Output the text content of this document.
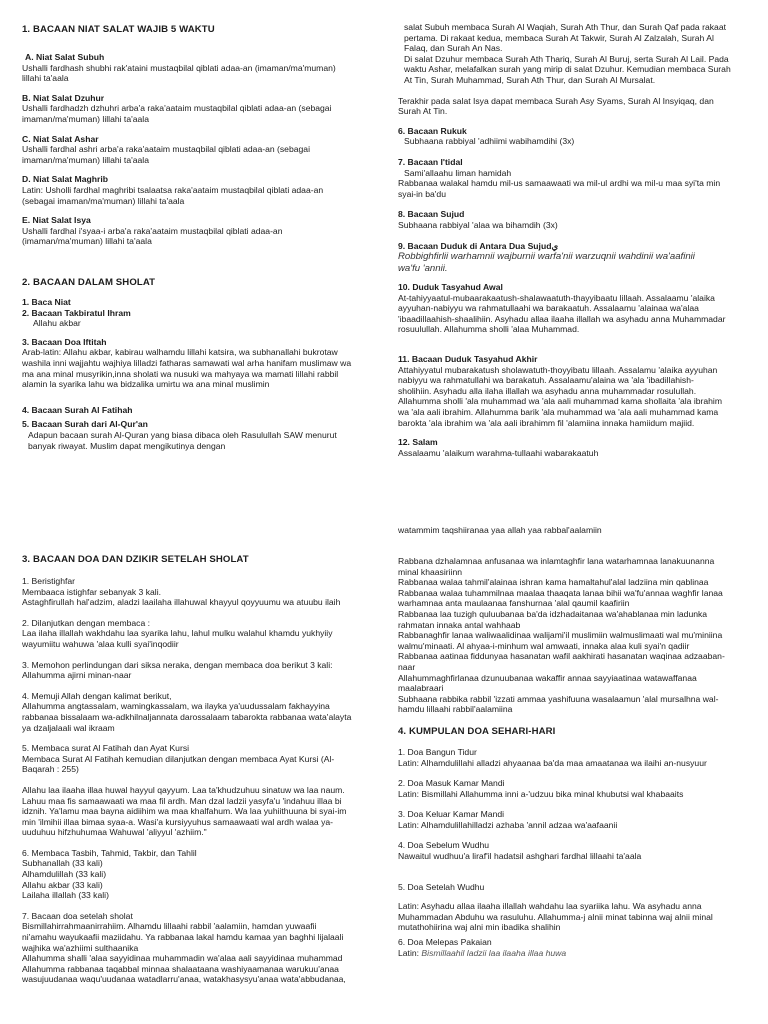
1. BACAAN NIAT SALAT WAJIB 5 WAKTU
A. Niat Salat Subuh
Ushalli fardhash shubhi rak'ataini mustaqbilal qiblati adaa-an (imaman/ma'muman)
lillahi ta'aala
B. Niat Salat Dzuhur
Ushalli fardhadzh dzhuhri arba'a raka'aataim mustaqbilal qiblati adaa-an (sebagai
imaman/ma'muman) lillahi ta'aala
C. Niat Salat Ashar
Ushalli fardhal ashri arba'a raka'aataim mustaqbilal qiblati adaa-an (sebagai
imaman/ma'muman) lillahi ta'aala
D. Niat Salat Maghrib
Latin: Usholli fardhal maghribi tsalaatsa raka'aataim mustaqbilal qiblati adaa-an
(sebagai imaman/ma'muman) lillahi ta'aala
E. Niat Salat Isya
Ushalli fardhal i'syaa-i arba'a raka'aataim mustaqbilal qiblati adaa-an
(imaman/ma'muman) lillahi ta'aala
2. BACAAN DALAM SHOLAT
1. Baca Niat
2. Bacaan Takbiratul Ihram
Allahu akbar
3. Bacaan Doa Iftitah
Arab-latin: Allahu akbar, kabirau walhamdu lillahi katsira, wa subhanallahi bukrotaw
washila inni wajjahtu wajhiya lilladzi fatharas samawati wal arha hanifam muslimaw wa
ma ana minal musyrikin,inna sholati wa nusuki wa mahyaya wa mamati lillahi rabbil
alamin la syarika lahu wa bidzalika umirtu wa ana minal muslimin
4. Bacaan Surah Al Fatihah
5. Bacaan Surah dari Al-Qur'an
Adapun bacaan surah Al-Quran yang biasa dibaca oleh Rasulullah SAW menurut
banyak riwayat. Muslim dapat mengikutinya dengan
salat Subuh membaca Surah Al Waqiah, Surah Ath Thur, dan Surah Qaf pada rakaat
pertama. Di rakaat kedua, membaca Surah At Takwir, Surah Al Zalzalah, Surah Al
Falaq, dan Surah An Nas.
Di salat Dzuhur membaca Surah Ath Thariq, Surah Al Buruj, serta Surah Al Lail. Pada
waktu Ashar, melafalkan surah yang mirip di salat Dzuhur. Kemudian membaca Surah
At Tin, Surah Muhammad, Surah Ath Thur, dan Surah Al Mursalat.
Terakhir pada salat Isya dapat membaca Surah Asy Syams, Surah Al Insyiqaq, dan
Surah At Tin.
6. Bacaan Rukuk
Subhaana rabbiyal 'adhiimi wabihamdihi (3x)
7. Bacaan I'tidal
Sami'allaahu liman hamidah
Rabbanaa walakal hamdu mil-us samaawaati wa mil-ul ardhi wa mil-u maa syi'ta min
syai-in ba'du
8. Bacaan Sujud
Subhaana rabbiyal 'alaa wa bihamdih (3x)
9. Bacaan Duduk di Antara Dua Sujudي
Robbighfirlii warhamnii wajburnii warfa'nii warzuqnii wahdinii wa'aafinii
wa'fu 'annii.
10. Duduk Tasyahud Awal
At-tahiyyaatul-mubaarakaatush-shalawaatuth-thayyibaatu lillaah. Assalaamu 'alaika
ayyuhan-nabiyyu wa rahmatullaahi wa barakaatuh. Assalaamu 'alainaa wa'alaa
'ibaadillaahish-shaalihiin. Asyhadu allaa ilaaha illallah wa asyhadu anna Muhammadar
rosuulullah. Allahumma sholli 'alaa Muhammad.
11. Bacaan Duduk Tasyahud Akhir
Attahiyyatul mubarakatush sholawatuth-thoyyibatu lillaah. Assalamu 'alaika ayyuhan
nabiyyu wa rahmatullahi wa barakatuh. Assalaamu'alaina wa 'ala 'ibadillahish-
sholihiin. Asyhadu alla ilaha illallah wa asyhadu anna muhammadar rosulullah.
Allahumma sholli 'ala muhammad wa 'ala aali muhammad kama shollaita 'ala ibrahim
wa 'ala aali ibrahim. Allahumma barik 'ala muhammad wa 'ala aali muhammad kama
barokta 'ala ibrahim wa 'ala aali ibrahimm fil 'alamiina innaka hamiidum majiid.
12. Salam
Assalaamu 'alaikum warahma-tullaahi wabarakaatuh
watammim taqshiiranaa yaa allah yaa rabbal'aalamiin
3. BACAAN DOA DAN DZIKIR SETELAH SHOLAT
1. Beristighfar
Membaaca istighfar sebanyak 3 kali.
Astaghfirullah hal'adzim, aladzi laailaha illahuwal khayyul qoyyuumu wa atuubu ilaih
2. Dilanjutkan dengan membaca :
Laa ilaha illallah wakhdahu laa syarika lahu, lahul mulku walahul khamdu yukhyiiy
wayumiitu wahuwa 'alaa kulli syai'inqodiir
3. Memohon perlindungan dari siksa neraka, dengan membaca doa berikut 3 kali:
Allahumma ajirni minan-naar
4. Memuji Allah dengan kalimat berikut,
Allahumma angtassalam, wamingkassalam, wa ilayka ya'uudussalam fakhayyina
rabbanaa bissalaam wa-adkhilnaljannata darossalaam tabarokta rabbanaa wata'alayta
ya dzaljalaali wal ikraam
5. Membaca surat Al Fatihah dan Ayat Kursi
Membaca Surat Al Fatihah kemudian dilanjutkan dengan membaca Ayat Kursi (Al-
Baqarah : 255)
Allahu laa ilaaha illaa huwal hayyul qayyum. Laa ta'khudzuhuu sinatuw wa laa naum.
Lahuu maa fis samaawaati wa maa fil ardh. Man dzal ladzii yasyfa'u 'indahuu illaa bi
idznih. Ya'lamu maa bayna aidiihim wa maa khalfahum. Wa laa yuhiithuuna bi syai-im
min 'ilmihii illaa bimaa syaa-a. Wasi'a kursiyyuhus samaawaati wal ardh walaa ya-
uuduhuu hifzhuhumaa Wahuwal 'aliyyul 'azhiim."
6. Membaca Tasbih, Tahmid, Takbir, dan Tahlil
Subhanallah (33 kali)
Alhamdulillah (33 kali)
Allahu akbar (33 kali)
Lailaha illallah (33 kali)
7. Bacaan doa setelah sholat
Bismillahirrahmaanirrahiim. Alhamdu lillaahi rabbil 'aalamiin, hamdan yuwaafii
ni'amahu wayukaafii maziidahu. Ya rabbanaa lakal hamdu kamaa yan baghhi lijalaali
wajhika wa'azhiimi sulthaanika
Allahumma shalli 'alaa sayyidinaa muhammadin wa'alaa aali sayyidinaa muhammad
Allahumma rabbanaa taqabbal minnaa shalaataana washiyaamanaa warukuu'anaa
wasujuudanaa waqu'uudanaa watadlarru'anaa, watakhasysyu'anaa wata'abbudanaa,
Rabbana dzhalamnaa anfusanaa wa inlamtaghfir lana watarhamnaa lanakuunanna
minal khaasiriinn
Rabbanaa walaa tahmil'alainaa ishran kama hamaltahul'alal ladziina min qablinaa
Rabbanaa walaa tuhammilnaa maalaa thaaqata lanaa bihii wa'fu'annaa waghfir lanaa
warhamnaa anta maulaanaa fanshurnaa 'alal qaumil kaafiriin
Rabbanaa laa tuzigh quluubanaa ba'da idzhadaitanaa wa'ahablanaa min ladunka
rahmatan innaka antal wahhaab
Rabbanaghfir lanaa waliwaalidinaa walijami'il muslimiin walmuslimaati wal mu'miniina
walmu'minaati. Al ahyaa-i-minhum wal amwaati, innaka alaa kuli syai'n qadiir
Rabbanaa aatinaa fiddunyaa hasanatan wafil aakhirati hasanatan waqinaa adzaaban-
naar
Allahummaghfirlanaa dzunuubanaa wakaffir annaa sayyiaatinaa watawaffanaa
maalabraari
Subhaana rabbika rabbil 'izzati ammaa yashifuuna wasalaamun 'alal mursalhna wal-
hamdu lillaahi rabbil'aalamiina
4. KUMPULAN DOA SEHARI-HARI
1. Doa Bangun Tidur
Latin: Alhamdulillahi alladzi ahyaanaa ba'da maa amaatanaa wa ilaihi an-nusyuur
2. Doa Masuk Kamar Mandi
Latin: Bismillahi Allahumma inni a-'udzuu bika minal khubutsi wal khabaaits
3. Doa Keluar Kamar Mandi
Latin: Alhamdulillahilladzi azhaba 'annil adzaa wa'aafaanii
4. Doa Sebelum Wudhu
Nawaitul wudhuu'a liraf'il hadatsil ashghari fardhal lillaahi ta'aala
5. Doa Setelah Wudhu
Latin: Asyhadu allaa ilaaha illallah wahdahu laa syariika lahu. Wa asyhadu anna
Muhammadan Abduhu wa rasuluhu. Allahumma-j alnii minat tabinna waj alnii minal
mutathohiirina waj alni min ibadika shalihin
6. Doa Melepas Pakaian
Latin: Bismillaahil ladzii laa ilaaha illaa huwa
